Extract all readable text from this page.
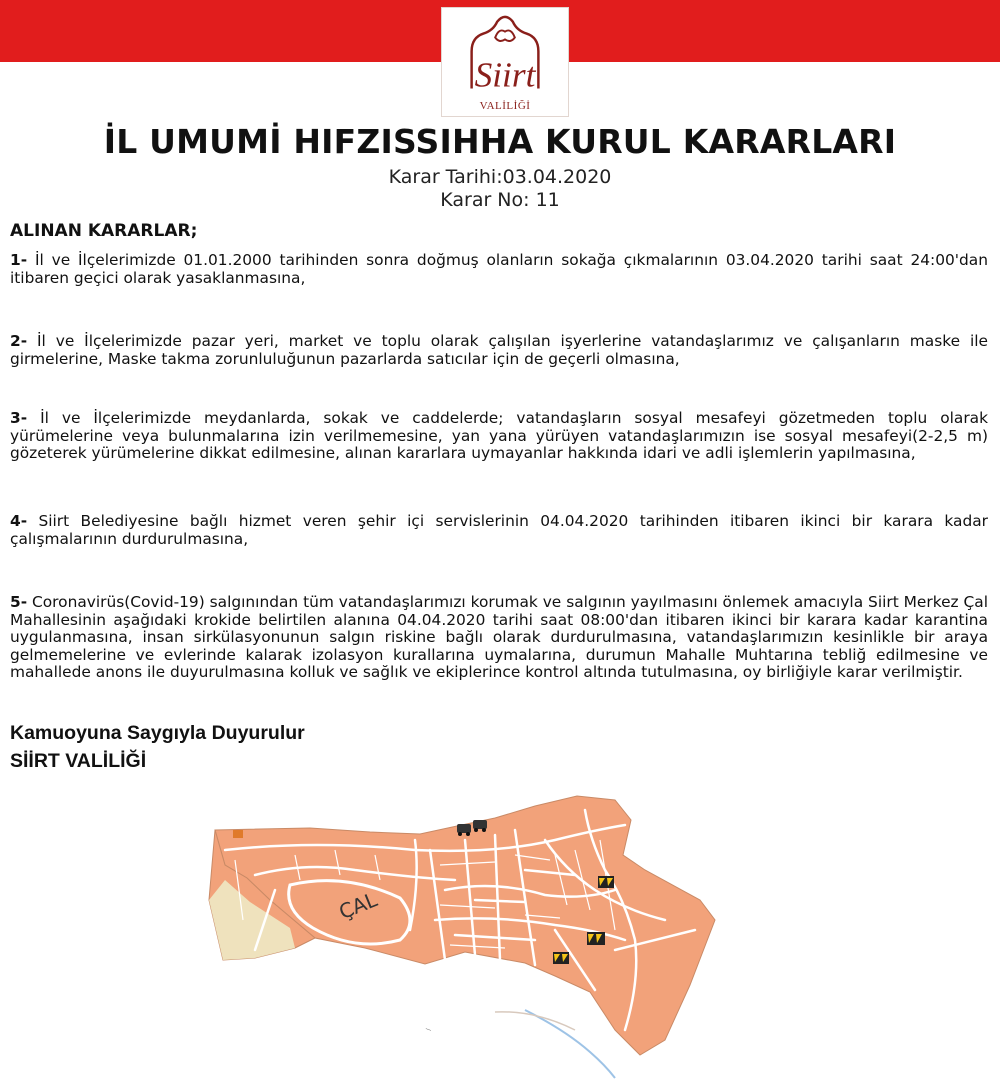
Siirt
VALİLİĞİ
İL UMUMİ HIFZISSIHHA KURUL KARARLARI
Karar Tarihi:03.04.2020
Karar No: 11
ALINAN KARARLAR;
1- İl ve İlçelerimizde 01.01.2000 tarihinden sonra doğmuş olanların sokağa çıkmalarının 03.04.2020 tarihi saat 24:00'dan itibaren geçici olarak yasaklanmasına,
2- İl ve İlçelerimizde pazar yeri, market ve toplu olarak çalışılan işyerlerine vatandaşlarımız ve çalışanların maske ile girmelerine, Maske takma zorunluluğunun pazarlarda satıcılar için de geçerli olmasına,
3- İl ve İlçelerimizde meydanlarda, sokak ve caddelerde; vatandaşların sosyal mesafeyi gözetmeden toplu olarak yürümelerine veya bulunmalarına izin verilmemesine, yan yana yürüyen vatandaşlarımızın ise sosyal mesafeyi(2-2,5 m) gözeterek yürümelerine dikkat edilmesine, alınan kararlara uymayanlar hakkında idari ve adli işlemlerin yapılmasına,
4- Siirt Belediyesine bağlı hizmet veren şehir içi servislerinin 04.04.2020 tarihinden itibaren ikinci bir karara kadar çalışmalarının durdurulmasına,
5- Coronavirüs(Covid-19) salgınından tüm vatandaşlarımızı korumak ve salgının yayılmasını önlemek amacıyla Siirt Merkez Çal Mahallesinin aşağıdaki krokide belirtilen alanına 04.04.2020 tarihi saat 08:00'dan itibaren ikinci bir karara kadar karantina uygulanmasına, insan sirkülasyonunun salgın riskine bağlı olarak durdurulmasına, vatandaşlarımızın kesinlikle bir araya gelmemelerine ve evlerinde kalarak izolasyon kurallarına uymalarına, durumun Mahalle Muhtarına tebliğ edilmesine ve mahallede anons ile duyurulmasına kolluk ve sağlık ve ekiplerince kontrol altında tutulmasına, oy birliğiyle karar verilmiştir.
Kamuoyuna Saygıyla Duyurulur
SİİRT VALİLİĞİ
—
ÇAL
